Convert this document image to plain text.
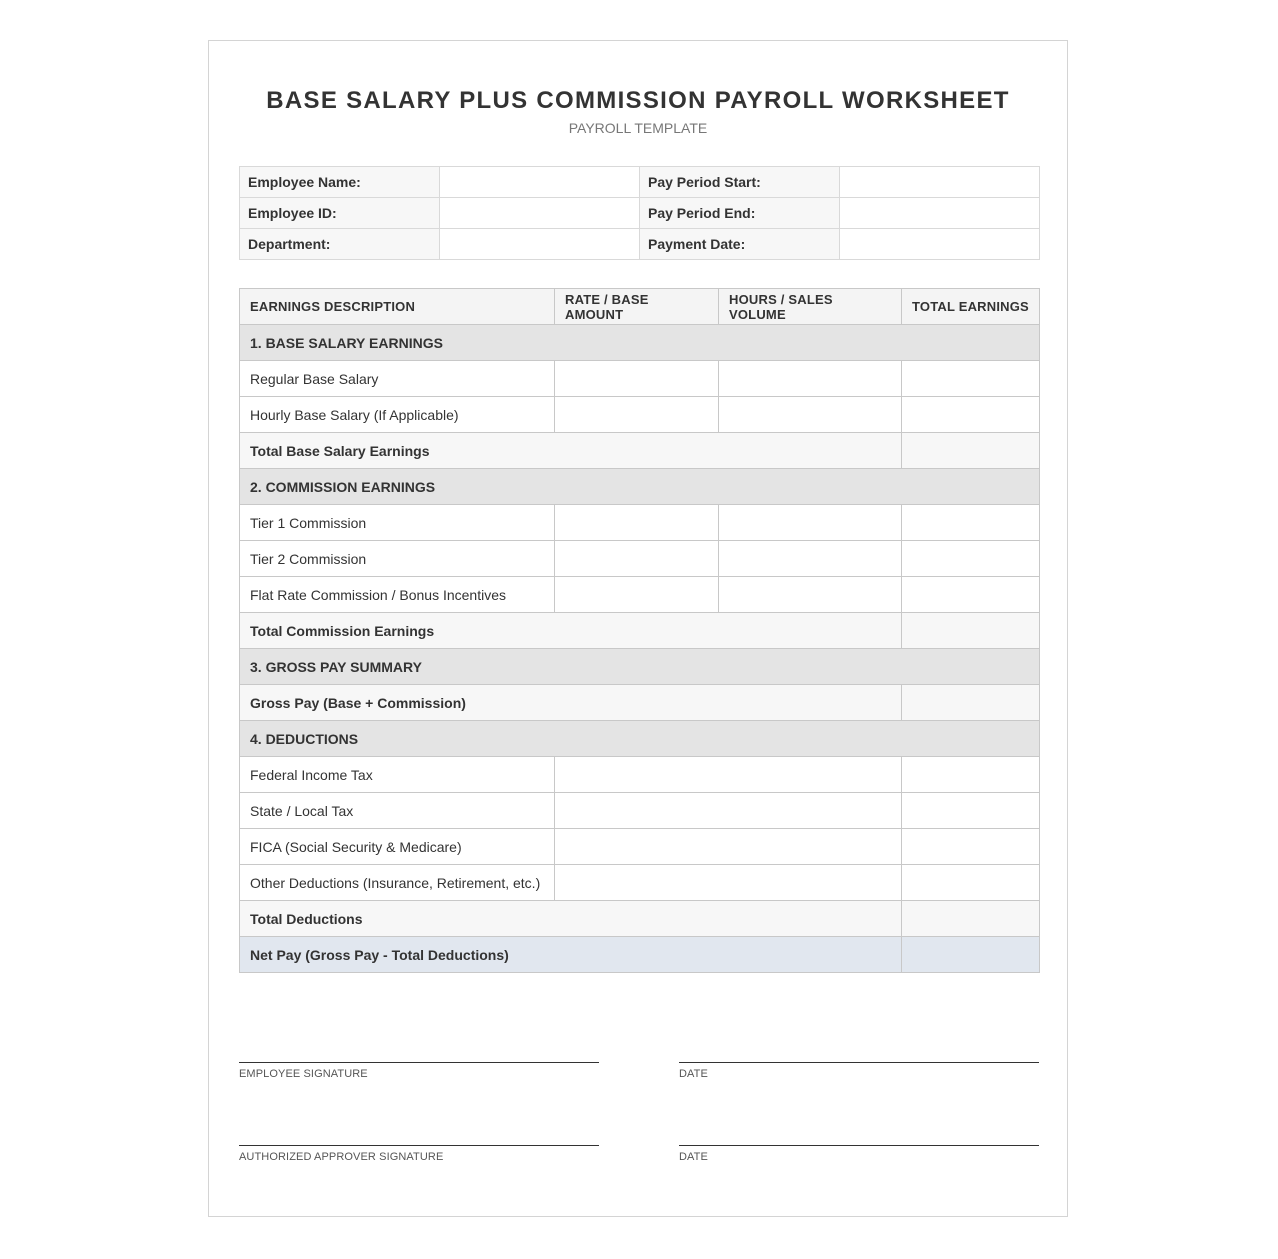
BASE SALARY PLUS COMMISSION PAYROLL WORKSHEET
PAYROLL TEMPLATE
Employee Name:		Pay Period Start:	
Employee ID:		Pay Period End:	
Department:		Payment Date:	
EARNINGS DESCRIPTION	RATE / BASE AMOUNT	HOURS / SALES VOLUME	TOTAL EARNINGS
1. BASE SALARY EARNINGS			
Regular Base Salary			
Hourly Base Salary (If Applicable)			
Total Base Salary Earnings			
2. COMMISSION EARNINGS			
Tier 1 Commission			
Tier 2 Commission			
Flat Rate Commission / Bonus Incentives			
Total Commission Earnings			
3. GROSS PAY SUMMARY			
Gross Pay (Base + Commission)			
4. DEDUCTIONS			
Federal Income Tax			
State / Local Tax			
FICA (Social Security & Medicare)			
Other Deductions (Insurance, Retirement, etc.)			
Total Deductions			
Net Pay (Gross Pay - Total Deductions)			
EMPLOYEE SIGNATURE	DATE
AUTHORIZED APPROVER SIGNATURE	DATE
